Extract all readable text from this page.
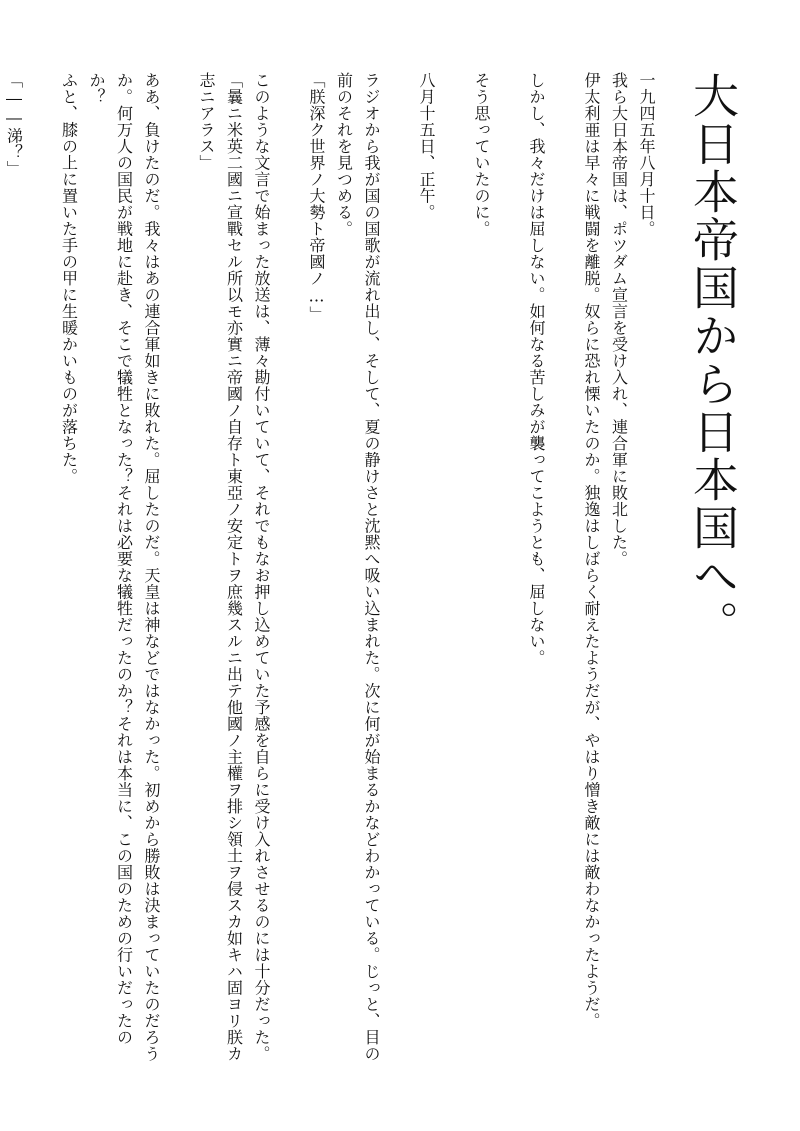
大日本帝国から日本国へ。

一九四五年八月十日。

我ら大日本帝国は、ポツダム宣言を受け入れ、連合軍に敗北した。

伊太利亜は早々に戦闘を離脱。奴らに恐れ慄いたのか。独逸はしばらく耐えたようだが、やはり憎き敵には敵わなかったようだ。

しかし、我々だけは屈しない。如何なる苦しみが襲ってこようとも、屈しない。

そう思っていたのに。

八月十五日、正午。

ラジオから我が国の国歌が流れ出し、そして、夏の静けさと沈黙へ吸い込まれた。次に何が始まるかなどわかっている。じっと、目の前のそれを見つめる。

「朕深ク世界ノ大勢ト帝國ノ…」

このような文言で始まった放送は、薄々勘付いていて、それでもなお押し込めていた予感を自らに受け入れさせるのには十分だった。

「曩ニ米英二國ニ宣戰セル所以モ亦實ニ帝國ノ自存ト東亞ノ安定トヲ庶幾スルニ出テ他國ノ主權ヲ排シ領土ヲ侵スカ如キハ固ヨリ朕カ志ニアラス」

ああ、負けたのだ。我々はあの連合軍如きに敗れた。屈したのだ。天皇は神などではなかった。初めから勝敗は決まっていたのだろうか。何万人の国民が戦地に赴き、そこで犠牲となった？それは必要な犠牲だったのか？それは本当に、この国のための行いだったのか？

ふと、膝の上に置いた手の甲に生暖かいものが落ちた。

「――涕？」
